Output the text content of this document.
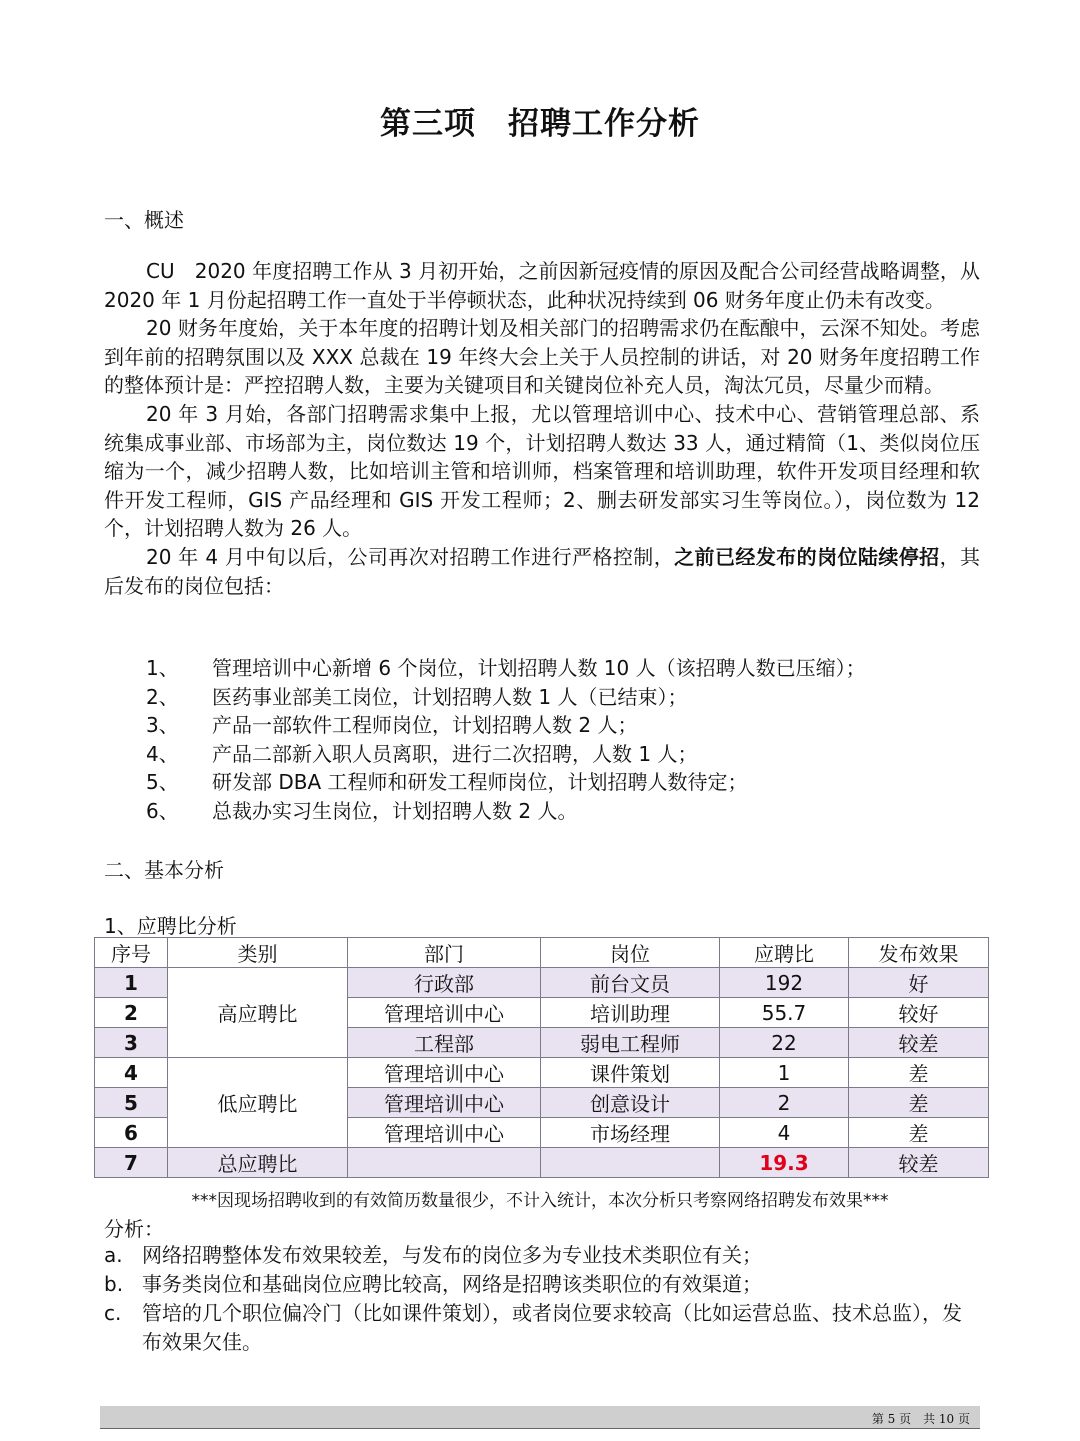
第三项　招聘工作分析
一、概述

CU　2020 年度招聘工作从 3 月初开始，之前因新冠疫情的原因及配合公司经营战略调整，从 2020 年 1 月份起招聘工作一直处于半停顿状态，此种状况持续到 06 财务年度止仍未有改变。

20 财务年度始，关于本年度的招聘计划及相关部门的招聘需求仍在酝酿中，云深不知处。考虑到年前的招聘氛围以及 XXX 总裁在 19 年终大会上关于人员控制的讲话，对 20 财务年度招聘工作的整体预计是：严控招聘人数，主要为关键项目和关键岗位补充人员，淘汰冗员，尽量少而精。

20 年 3 月始，各部门招聘需求集中上报，尤以管理培训中心、技术中心、营销管理总部、系统集成事业部、市场部为主，岗位数达 19 个，计划招聘人数达 33 人，通过精简（1、类似岗位压缩为一个，减少招聘人数，比如培训主管和培训师，档案管理和培训助理，软件开发项目经理和软件开发工程师，GIS 产品经理和 GIS 开发工程师；2、删去研发部实习生等岗位。），岗位数为 12 个，计划招聘人数为 26 人。

20 年 4 月中旬以后，公司再次对招聘工作进行严格控制，之前已经发布的岗位陆续停招，其后发布的岗位包括：

1、	管理培训中心新增 6 个岗位，计划招聘人数 10 人（该招聘人数已压缩）；
2、	医药事业部美工岗位，计划招聘人数 1 人（已结束）；
3、	产品一部软件工程师岗位，计划招聘人数 2 人；
4、	产品二部新入职人员离职，进行二次招聘，人数 1 人；
5、	研发部 DBA 工程师和研发工程师岗位，计划招聘人数待定；
6、	总裁办实习生岗位，计划招聘人数 2 人。
二、基本分析
1、应聘比分析
序号	类别	部门	岗位	应聘比	发布效果
1	高应聘比	行政部	前台文员	192	好
2		管理培训中心	培训助理	55.7	较好
3		工程部	弱电工程师	22	较差
4	低应聘比	管理培训中心	课件策划	1	差
5		管理培训中心	创意设计	2	差
6		管理培训中心	市场经理	4	差
7	总应聘比			19.3	较差
***因现场招聘收到的有效简历数量很少，不计入统计，本次分析只考察网络招聘发布效果***
分析：
a. 网络招聘整体发布效果较差，与发布的岗位多为专业技术类职位有关；
b. 事务类岗位和基础岗位应聘比较高，网络是招聘该类职位的有效渠道；
c.	管培的几个职位偏冷门（比如课件策划），或者岗位要求较高（比如运营总监、技术总监），发布效果欠佳。
第 5 页　共 10 页
